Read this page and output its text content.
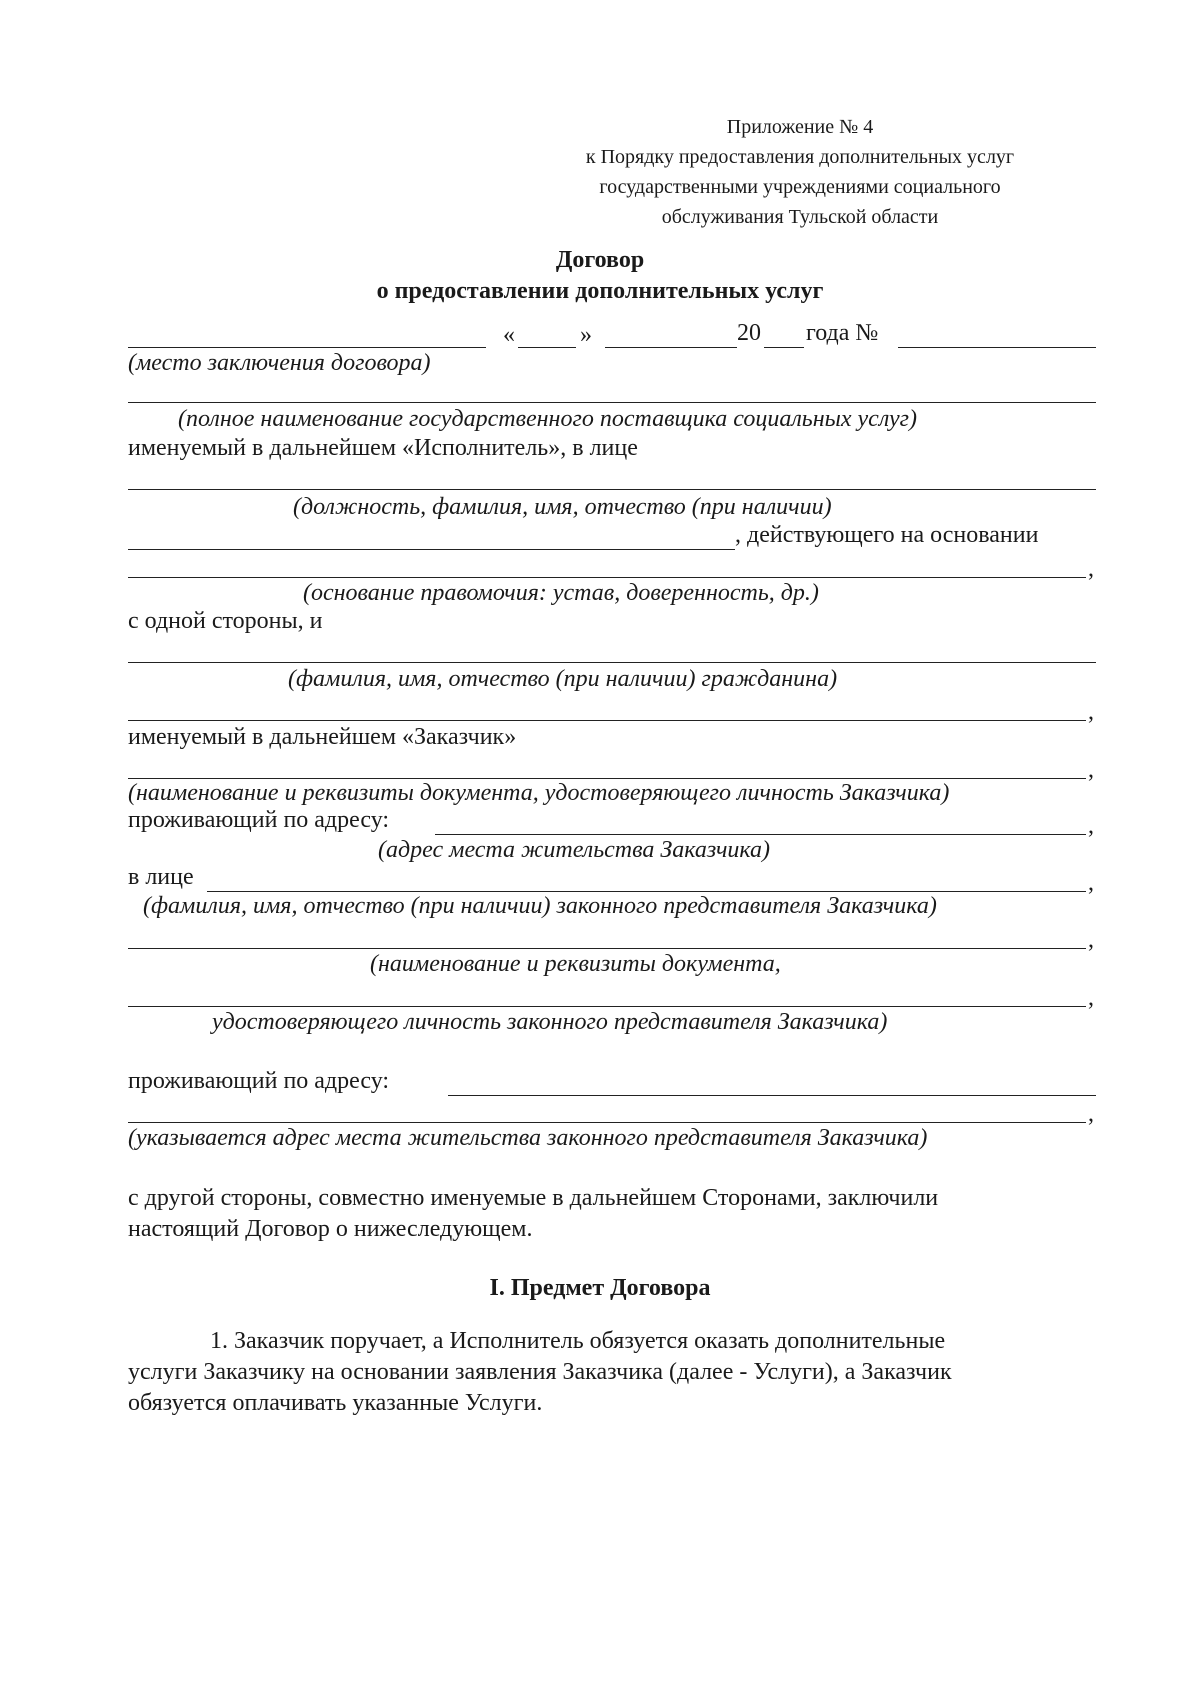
Приложение № 4
к Порядку предоставления дополнительных услуг
государственными учреждениями социального
обслуживания Тульской области
Договор
о предоставлении дополнительных услуг
«	»	20 года №
(место заключения договора)
(полное наименование государственного поставщика социальных услуг)
именуемый в дальнейшем «Исполнитель», в лице
(должность, фамилия, имя, отчество (при наличии)
, действующего на основании
,
(основание правомочия: устав, доверенность, др.)
с одной стороны, и
(фамилия, имя, отчество (при наличии) гражданина)
,
именуемый в дальнейшем «Заказчик»
,
(наименование и реквизиты документа, удостоверяющего личность Заказчика)
проживающий по адресу:	,
(адрес места жительства Заказчика)
в лице	,
(фамилия, имя, отчество (при наличии) законного представителя Заказчика)
,
(наименование и реквизиты документа,
,
удостоверяющего личность законного представителя Заказчика)
проживающий по адресу:
,
(указывается адрес места жительства законного представителя Заказчика)
с другой стороны, совместно именуемые в дальнейшем Сторонами, заключили
настоящий Договор о нижеследующем.
I. Предмет Договора
1. Заказчик поручает, а Исполнитель обязуется оказать дополнительные
услуги Заказчику на основании заявления Заказчика (далее - Услуги), а Заказчик
обязуется оплачивать указанные Услуги.
